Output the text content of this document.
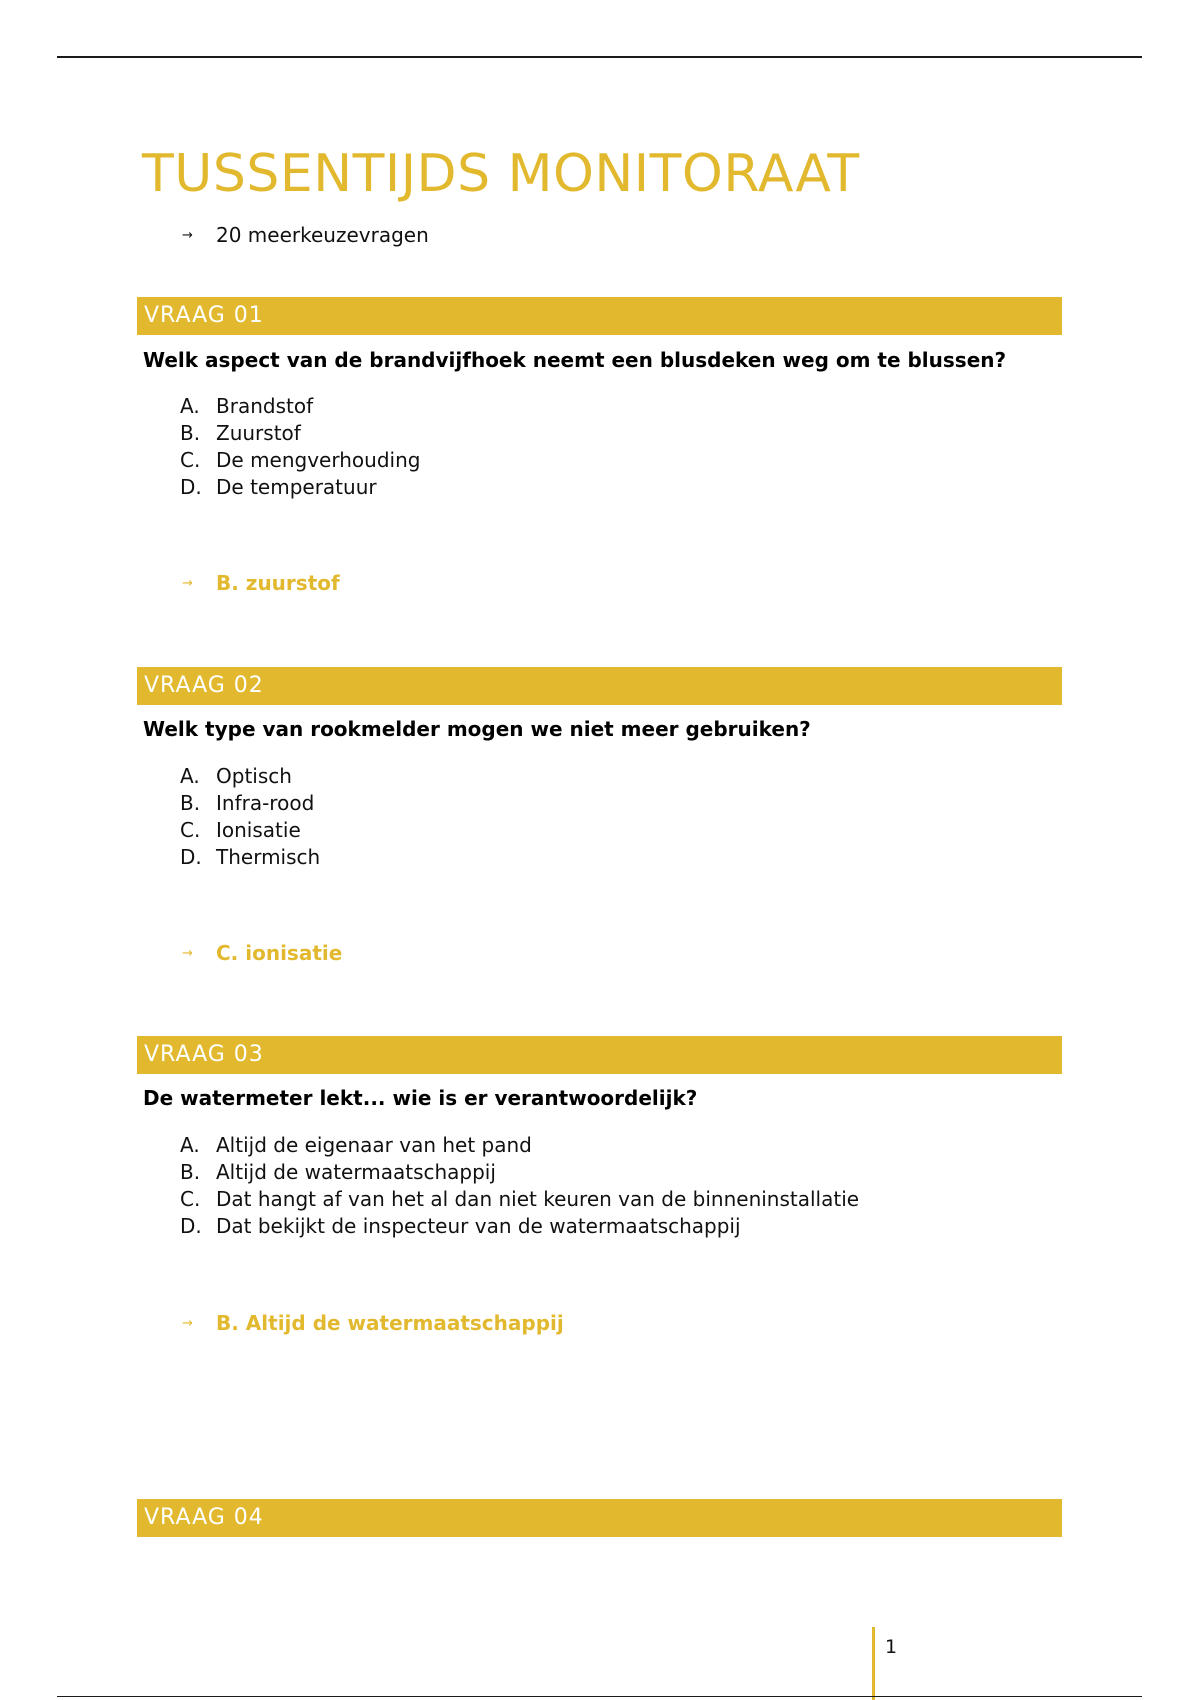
TUSSENTIJDS MONITORAAT
→	20 meerkeuzevragen
VRAAG 01
Welk aspect van de brandvijfhoek neemt een blusdeken weg om te blussen?
A. Brandstof
B. Zuurstof
C. De mengverhouding
D. De temperatuur
→	B. zuurstof
VRAAG 02
Welk type van rookmelder mogen we niet meer gebruiken?
A. Optisch
B. Infra-rood
C. Ionisatie
D. Thermisch
→	C. ionisatie
VRAAG 03
De watermeter lekt... wie is er verantwoordelijk?
A. Altijd de eigenaar van het pand
B. Altijd de watermaatschappij
C. Dat hangt af van het al dan niet keuren van de binneninstallatie
D. Dat bekijkt de inspecteur van de watermaatschappij
→	B. Altijd de watermaatschappij
VRAAG 04
1
